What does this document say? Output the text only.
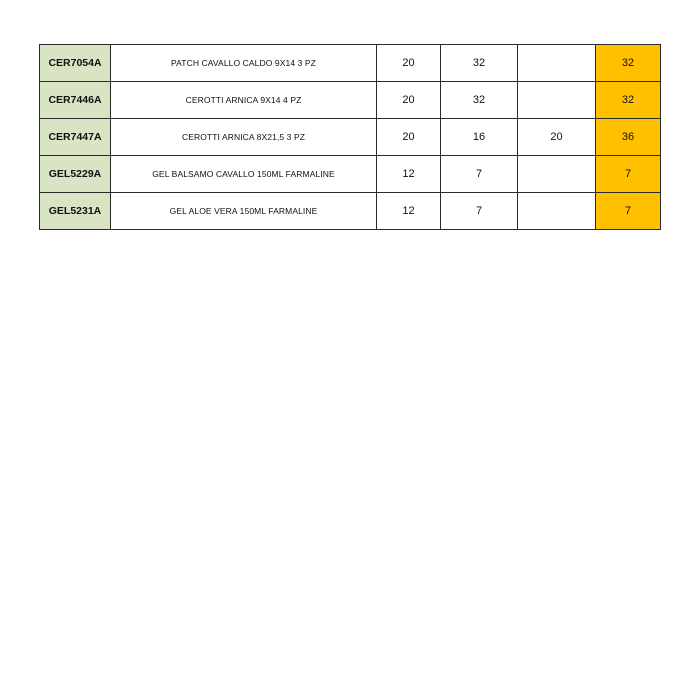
CER7054A	PATCH CAVALLO CALDO 9X14 3 PZ	20	32		32
CER7446A	CEROTTI ARNICA 9X14 4 PZ	20	32		32
CER7447A	CEROTTI ARNICA 8X21,5 3 PZ	20	16	20	36
GEL5229A	GEL BALSAMO CAVALLO 150ML FARMALINE	12	7		7
GEL5231A	GEL ALOE VERA 150ML FARMALINE	12	7		7
